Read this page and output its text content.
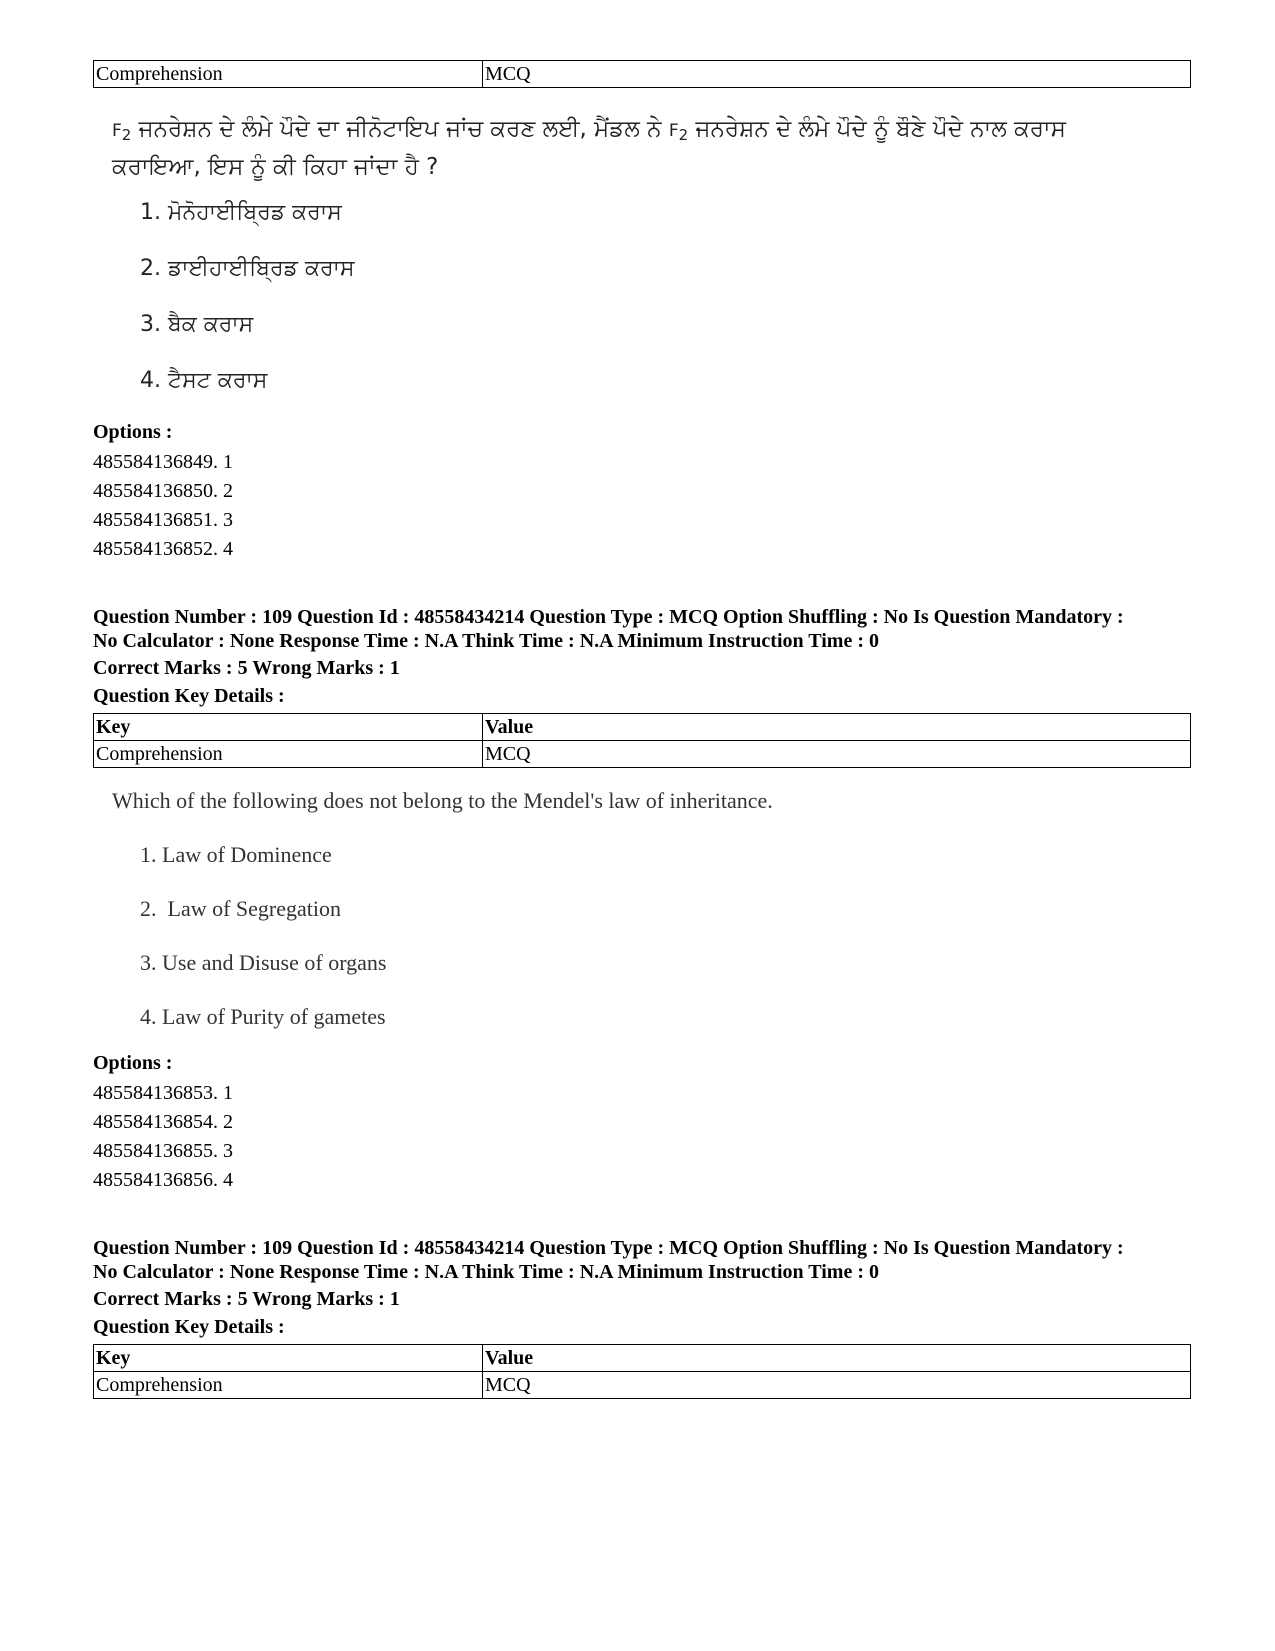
Comprehension	MCQ
$F_2$ ਜਨਰੇਸ਼ਨ ਦੇ ਲੰਮੇ ਪੌਦੇ ਦਾ ਜੀਨੋਟਾਇਪ ਜਾਂਚ ਕਰਣ ਲਈ, ਮੈਂਡਲ ਨੇ $F_2$ ਜਨਰੇਸ਼ਨ ਦੇ ਲੰਮੇ ਪੌਦੇ ਨੂੰ ਬੌਣੇ ਪੌਦੇ ਨਾਲ ਕਰਾਸ
ਕਰਾਇਆ, ਇਸ ਨੂੰ ਕੀ ਕਿਹਾ ਜਾਂਦਾ ਹੈ ?
1. ਮੋਨੋਹਾਈਬ੍ਰਿਡ ਕਰਾਸ
2. ਡਾਈਹਾਈਬ੍ਰਿਡ ਕਰਾਸ
3. ਬੈਕ ਕਰਾਸ
4. ਟੈਸਟ ਕਰਾਸ
Options :
485584136849. 1
485584136850. 2
485584136851. 3
485584136852. 4
Question Number : 109 Question Id : 48558434214 Question Type : MCQ Option Shuffling : No Is Question Mandatory :
No Calculator : None Response Time : N.A Think Time : N.A Minimum Instruction Time : 0
Correct Marks : 5 Wrong Marks : 1
Question Key Details :
Key	Value
Comprehension	MCQ
Which of the following does not belong to the Mendel's law of inheritance.
1. Law of Dominence
2.  Law of Segregation
3. Use and Disuse of organs
4. Law of Purity of gametes
Options :
485584136853. 1
485584136854. 2
485584136855. 3
485584136856. 4
Question Number : 109 Question Id : 48558434214 Question Type : MCQ Option Shuffling : No Is Question Mandatory :
No Calculator : None Response Time : N.A Think Time : N.A Minimum Instruction Time : 0
Correct Marks : 5 Wrong Marks : 1
Question Key Details :
Key	Value
Comprehension	MCQ
